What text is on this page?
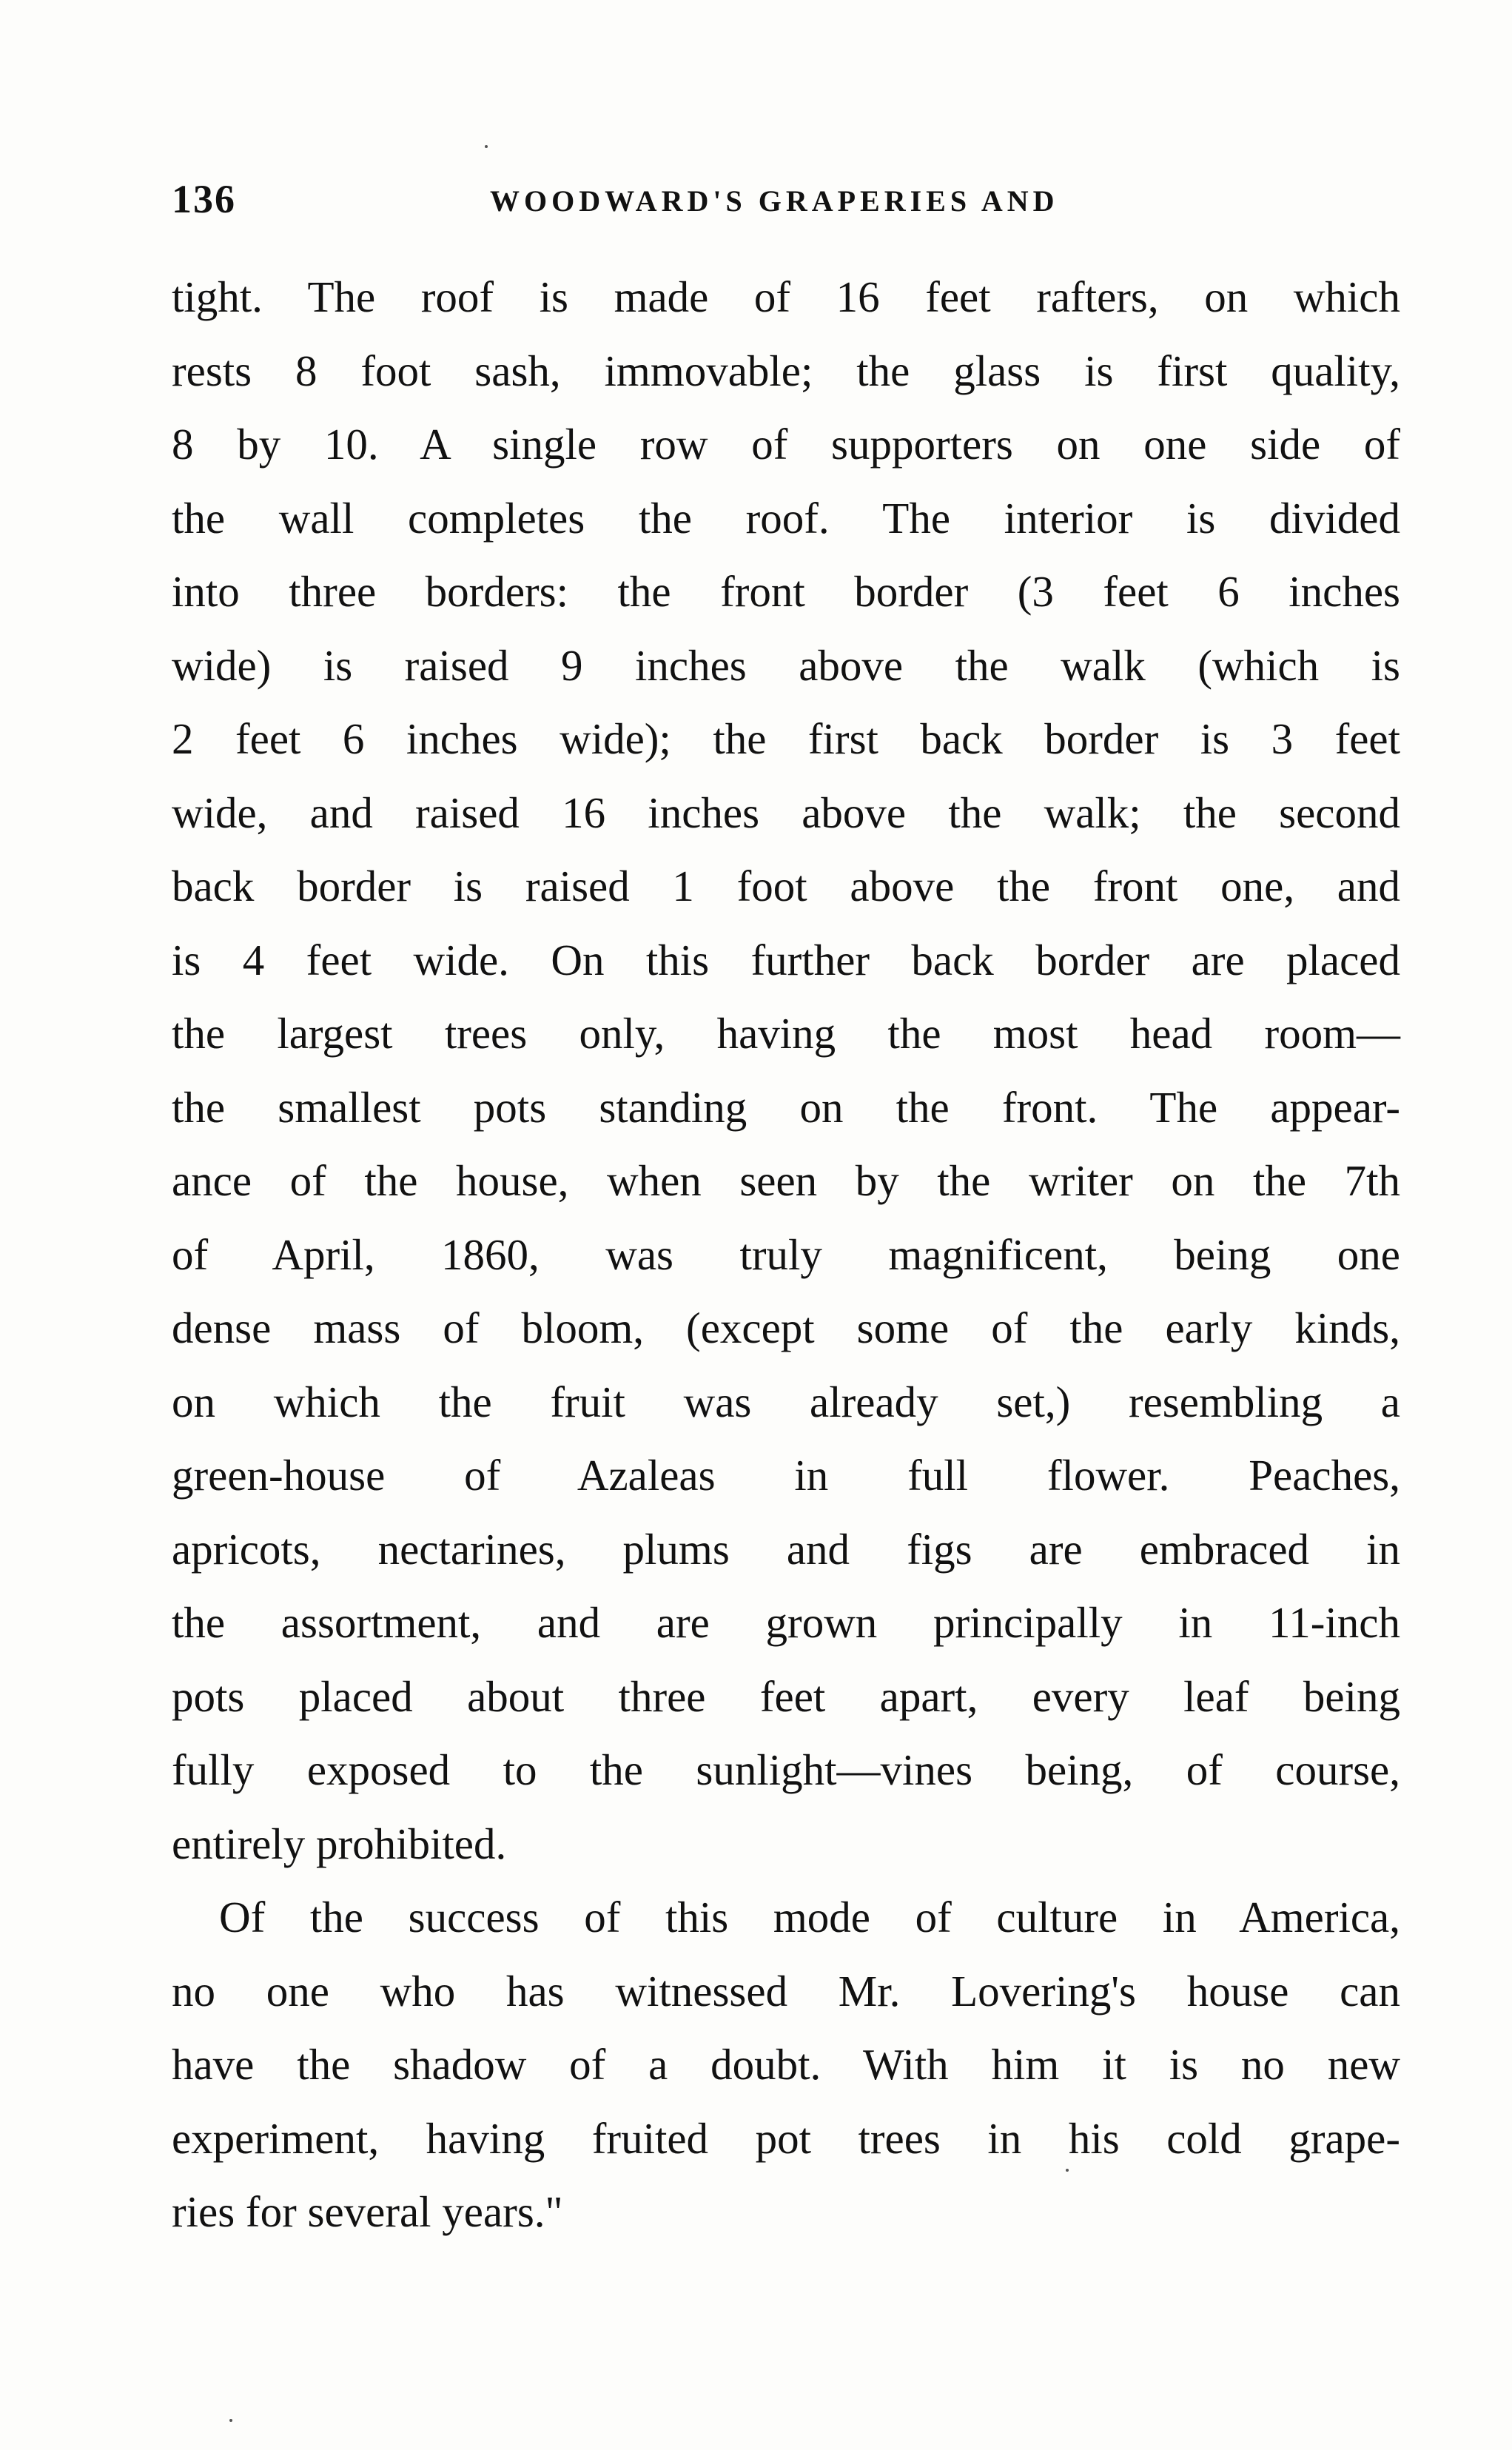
136	WOODWARD'S GRAPERIES AND
tight. The roof is made of 16 feet rafters, on which
rests 8 foot sash, immovable; the glass is first quality,
8 by 10. A single row of supporters on one side of
the wall completes the roof. The interior is divided
into three borders: the front border (3 feet 6 inches
wide) is raised 9 inches above the walk (which is
2 feet 6 inches wide); the first back border is 3 feet
wide, and raised 16 inches above the walk; the second
back border is raised 1 foot above the front one, and
is 4 feet wide. On this further back border are placed
the largest trees only, having the most head room—
the smallest pots standing on the front. The appear-
ance of the house, when seen by the writer on the 7th
of April, 1860, was truly magnificent, being one
dense mass of bloom, (except some of the early kinds,
on which the fruit was already set,) resembling a
green-house of Azaleas in full flower. Peaches,
apricots, nectarines, plums and figs are embraced in
the assortment, and are grown principally in 11-inch
pots placed about three feet apart, every leaf being
fully exposed to the sunlight—vines being, of course,
entirely prohibited.
Of the success of this mode of culture in America,
no one who has witnessed Mr. Lovering's house can
have the shadow of a doubt. With him it is no new
experiment, having fruited pot trees in his cold grape-
ries for several years."
